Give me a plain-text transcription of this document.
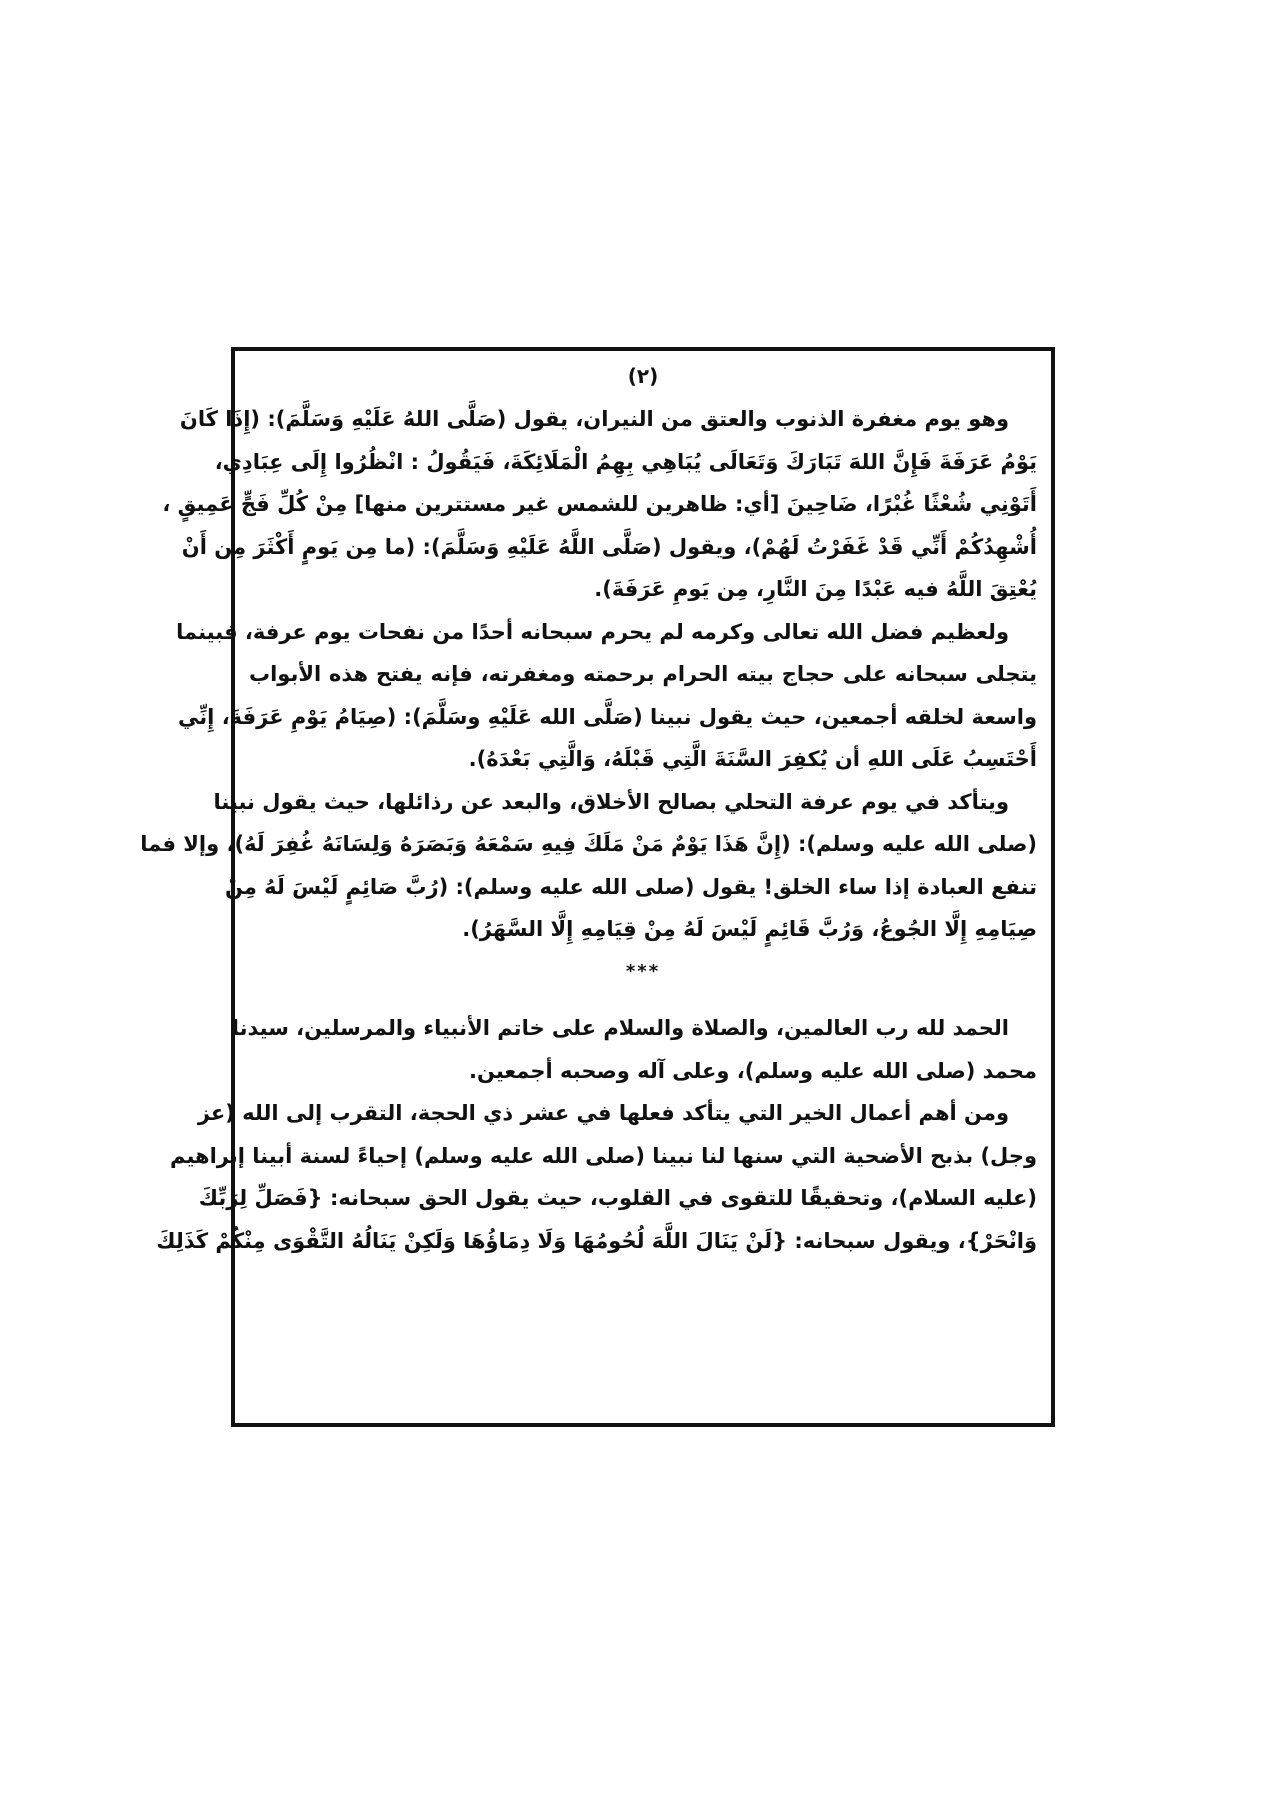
(٢)
وهو يوم مغفرة الذنوب والعتق من النيران، يقول (صَلَّى اللهُ عَلَيْهِ وَسَلَّمَ): (إِذَا كَانَ
يَوْمُ عَرَفَةَ فَإِنَّ اللهَ تَبَارَكَ وَتَعَالَى يُبَاهِي بِهِمُ الْمَلَائِكَةَ، فَيَقُولُ : انْظُرُوا إِلَى عِبَادِي،
أَتَوْنِي شُعْثًا غُبْرًا، ضَاحِينَ [أي: ظاهرين للشمس غير مستترين منها] مِنْ كُلِّ فَجٍّ عَمِيقٍ ،
أُشْهِدُكُمْ أَنِّي قَدْ غَفَرْتُ لَهُمْ)، ويقول (صَلَّى اللَّهُ عَلَيْهِ وَسَلَّمَ): (ما مِن يَومٍ أَكْثَرَ مِن أَنْ
يُعْتِقَ اللَّهُ فيه عَبْدًا مِنَ النَّارِ، مِن يَومِ عَرَفَةَ).
ولعظيم فضل الله تعالى وكرمه لم يحرم سبحانه أحدًا من نفحات يوم عرفة، فبينما
يتجلى سبحانه على حجاج بيته الحرام برحمته ومغفرته، فإنه يفتح هذه الأبواب
واسعة لخلقه أجمعين، حيث يقول نبينا (صَلَّى الله عَلَيْهِ وسَلَّمَ): (صِيَامُ يَوْمِ عَرَفَةَ، إِنِّي
أَحْتَسِبُ عَلَى اللهِ أن يُكفِرَ السَّنَةَ الَّتِي قَبْلَهُ، وَالَّتِي بَعْدَهُ).
ويتأكد في يوم عرفة التحلي بصالح الأخلاق، والبعد عن رذائلها، حيث يقول نبينا
(صلى الله عليه وسلم): (إِنَّ هَذَا يَوْمٌ مَنْ مَلَكَ فِيهِ سَمْعَهُ وَبَصَرَهُ وَلِسَانَهُ غُفِرَ لَهُ)، وإلا فما
تنفع العبادة إذا ساء الخلق! يقول (صلى الله عليه وسلم): (رُبَّ صَائِمٍ لَيْسَ لَهُ مِنْ
صِيَامِهِ إِلَّا الجُوعُ، وَرُبَّ قَائِمٍ لَيْسَ لَهُ مِنْ قِيَامِهِ إِلَّا السَّهَرُ).
***
الحمد لله رب العالمين، والصلاة والسلام على خاتم الأنبياء والمرسلين، سيدنا
محمد (صلى الله عليه وسلم)، وعلى آله وصحبه أجمعين.
ومن أهم أعمال الخير التي يتأكد فعلها في عشر ذي الحجة، التقرب إلى الله (عز
وجل) بذبح الأضحية التي سنها لنا نبينا (صلى الله عليه وسلم) إحياءً لسنة أبينا إبراهيم
(عليه السلام)، وتحقيقًا للتقوى في القلوب، حيث يقول الحق سبحانه: {فَصَلِّ لِرَبِّكَ
وَانْحَرْ}، ويقول سبحانه: {لَنْ يَنَالَ اللَّهَ لُحُومُهَا وَلَا دِمَاؤُهَا وَلَكِنْ يَنَالُهُ التَّقْوَى مِنْكُمْ كَذَلِكَ
